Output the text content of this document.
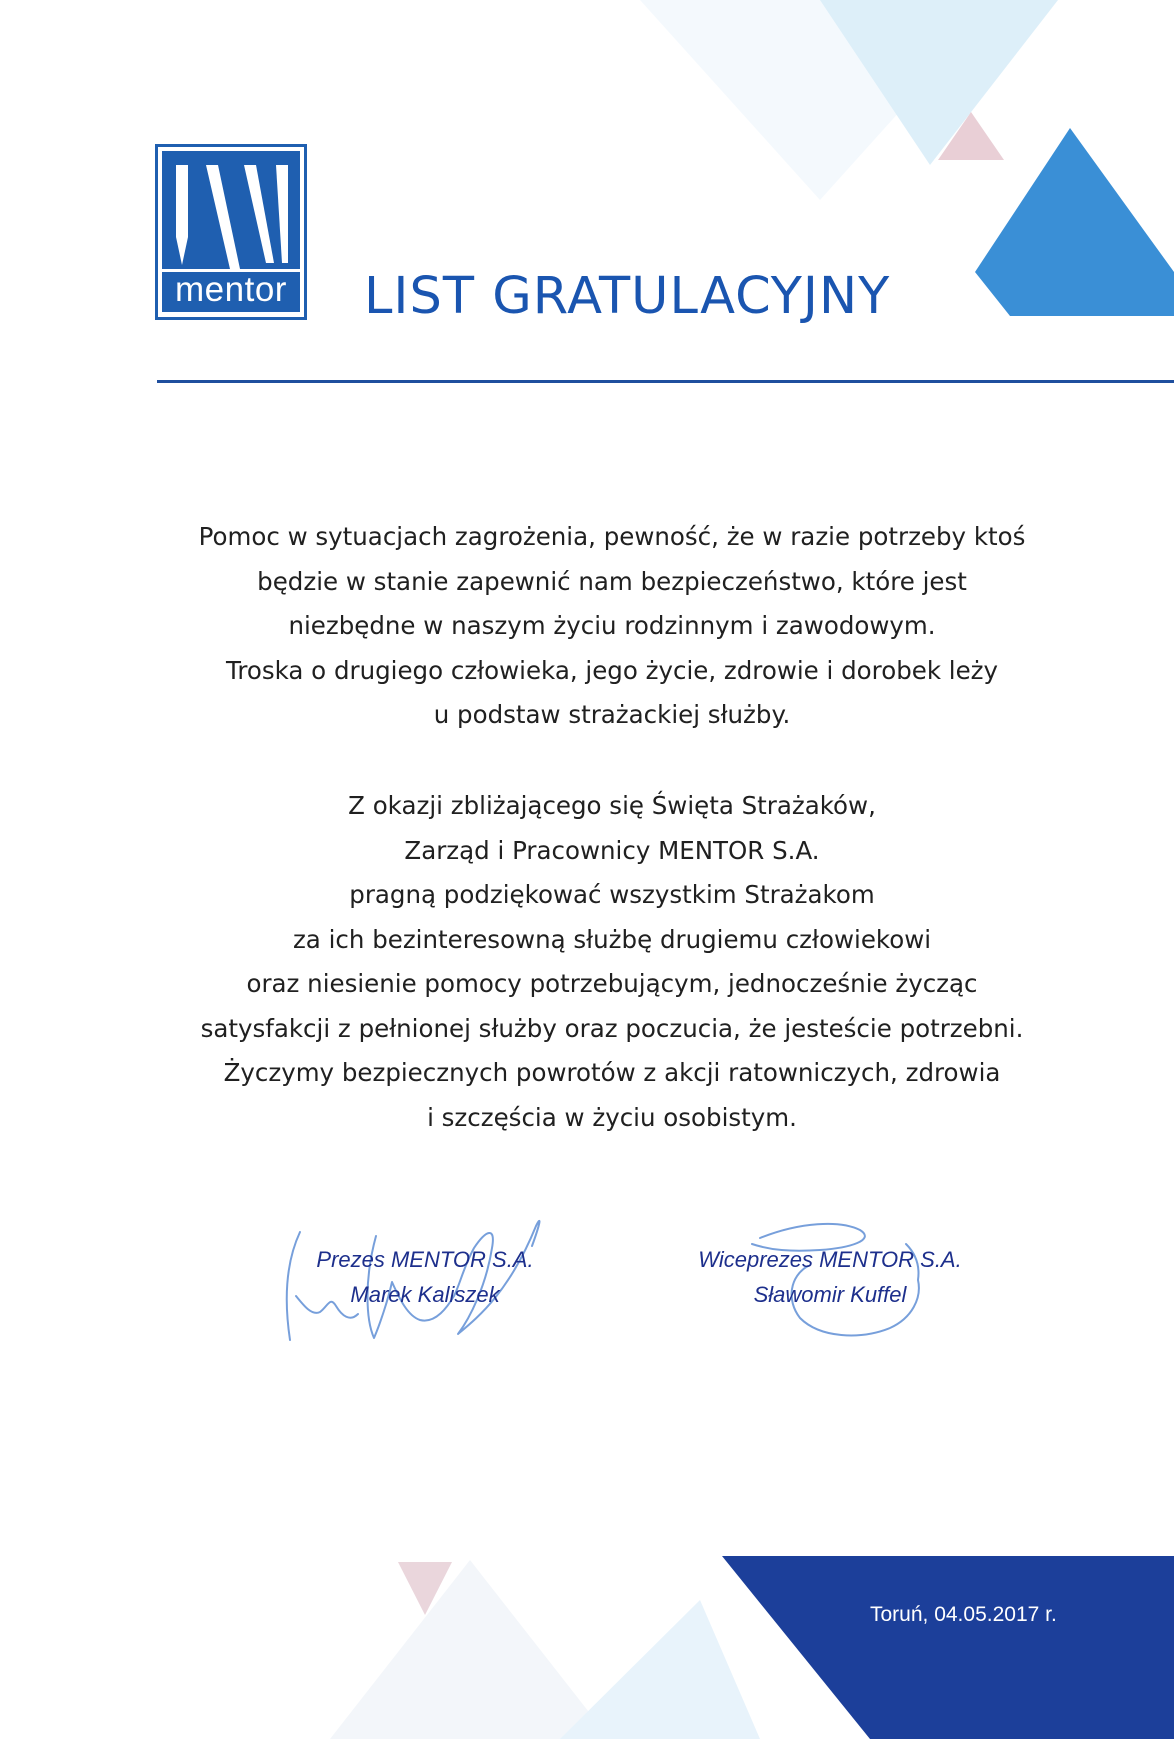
mentor LIST GRATULACYJNY
Pomoc w sytuacjach zagrożenia, pewność, że w razie potrzeby ktoś
będzie w stanie zapewnić nam bezpieczeństwo, które jest
niezbędne w naszym życiu rodzinnym i zawodowym.
Troska o drugiego człowieka, jego życie, zdrowie i dorobek leży
u podstaw strażackiej służby.
Z okazji zbliżającego się Święta Strażaków,
Zarząd i Pracownicy MENTOR S.A.
pragną podziękować wszystkim Strażakom
za ich bezinteresowną służbę drugiemu człowiekowi
oraz niesienie pomocy potrzebującym, jednocześnie życząc
satysfakcji z pełnionej służby oraz poczucia, że jesteście potrzebni.
Życzymy bezpiecznych powrotów z akcji ratowniczych, zdrowia
i szczęścia w życiu osobistym.
Prezes MENTOR S.A.
Marek Kaliszek
Wiceprezes MENTOR S.A.
Sławomir Kuffel
Toruń, 04.05.2017 r.
